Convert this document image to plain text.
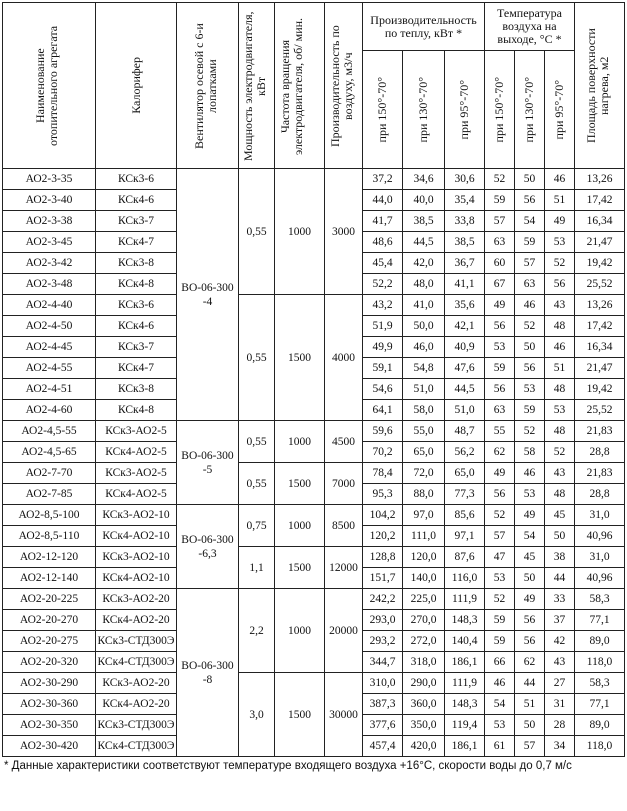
Наименование отопительного агрегата	Калорифер	Вентилятор осевой с 6-и лопатками	Мощность электродвигателя, кВт	Частота вращения электродвигателя, об/ мин.	Производительность по воздуху, м3/ч	Производительность по теплу, кВт *			Температура воздуха на выходе, °С *			Площадь поверхности нагрева, м2

						при 150°-70°	при 130°-70°	при 95°-70°	при 150°-70°	при 130°-70°	при 95°-70°	

АО2-3-35	КСк3-6	ВО-06-300 -4	0,55	1000	3000	37,2	34,6	30,6	52	50	46	13,26
АО2-3-40	КСк4-6					44,0	40,0	35,4	59	56	51	17,42
АО2-3-38	КСк3-7					41,7	38,5	33,8	57	54	49	16,34
АО2-3-45	КСк4-7					48,6	44,5	38,5	63	59	53	21,47
АО2-3-42	КСк3-8					45,4	42,0	36,7	60	57	52	19,42
АО2-3-48	КСк4-8					52,2	48,0	41,1	67	63	56	25,52
АО2-4-40	КСк3-6		0,55	1500	4000	43,2	41,0	35,6	49	46	43	13,26
АО2-4-50	КСк4-6					51,9	50,0	42,1	56	52	48	17,42
АО2-4-45	КСк3-7					49,9	46,0	40,9	53	50	46	16,34
АО2-4-55	КСк4-7					59,1	54,8	47,6	59	56	51	21,47
АО2-4-51	КСк3-8					54,6	51,0	44,5	56	53	48	19,42
АО2-4-60	КСк4-8					64,1	58,0	51,0	63	59	53	25,52
АО2-4,5-55	КСк3-АО2-5	ВО-06-300 -5	0,55	1000	4500	59,6	55,0	48,7	55	52	48	21,83
АО2-4,5-65	КСк4-АО2-5					70,2	65,0	56,2	62	58	52	28,8
АО2-7-70	КСк3-АО2-5		0,55	1500	7000	78,4	72,0	65,0	49	46	43	21,83
АО2-7-85	КСк4-АО2-5					95,3	88,0	77,3	56	53	48	28,8
АО2-8,5-100	КСк3-АО2-10	ВО-06-300 -6,3	0,75	1000	8500	104,2	97,0	85,6	52	49	45	31,0
АО2-8,5-110	КСк4-АО2-10					120,2	111,0	97,1	57	54	50	40,96
АО2-12-120	КСк3-АО2-10		1,1	1500	12000	128,8	120,0	87,6	47	45	38	31,0
АО2-12-140	КСк4-АО2-10					151,7	140,0	116,0	53	50	44	40,96
АО2-20-225	КСк3-АО2-20	ВО-06-300 -8	2,2	1000	20000	242,2	225,0	111,9	52	49	33	58,3
АО2-20-270	КСк4-АО2-20					293,0	270,0	148,3	59	56	37	77,1
АО2-20-275	КСк3-СТД300Э					293,2	272,0	140,4	59	56	42	89,0
АО2-20-320	КСк4-СТД300Э					344,7	318,0	186,1	66	62	43	118,0
АО2-30-290	КСк3-АО2-20		3,0	1500	30000	310,0	290,0	111,9	46	44	27	58,3
АО2-30-360	КСк4-АО2-20					387,3	360,0	148,3	54	51	31	77,1
АО2-30-350	КСк3-СТД300Э					377,6	350,0	119,4	53	50	28	89,0
АО2-30-420	КСк4-СТД300Э					457,4	420,0	186,1	61	57	34	118,0
* Данные характеристики соответствуют температуре входящего воздуха +16°С, скорости воды до 0,7 м/с
